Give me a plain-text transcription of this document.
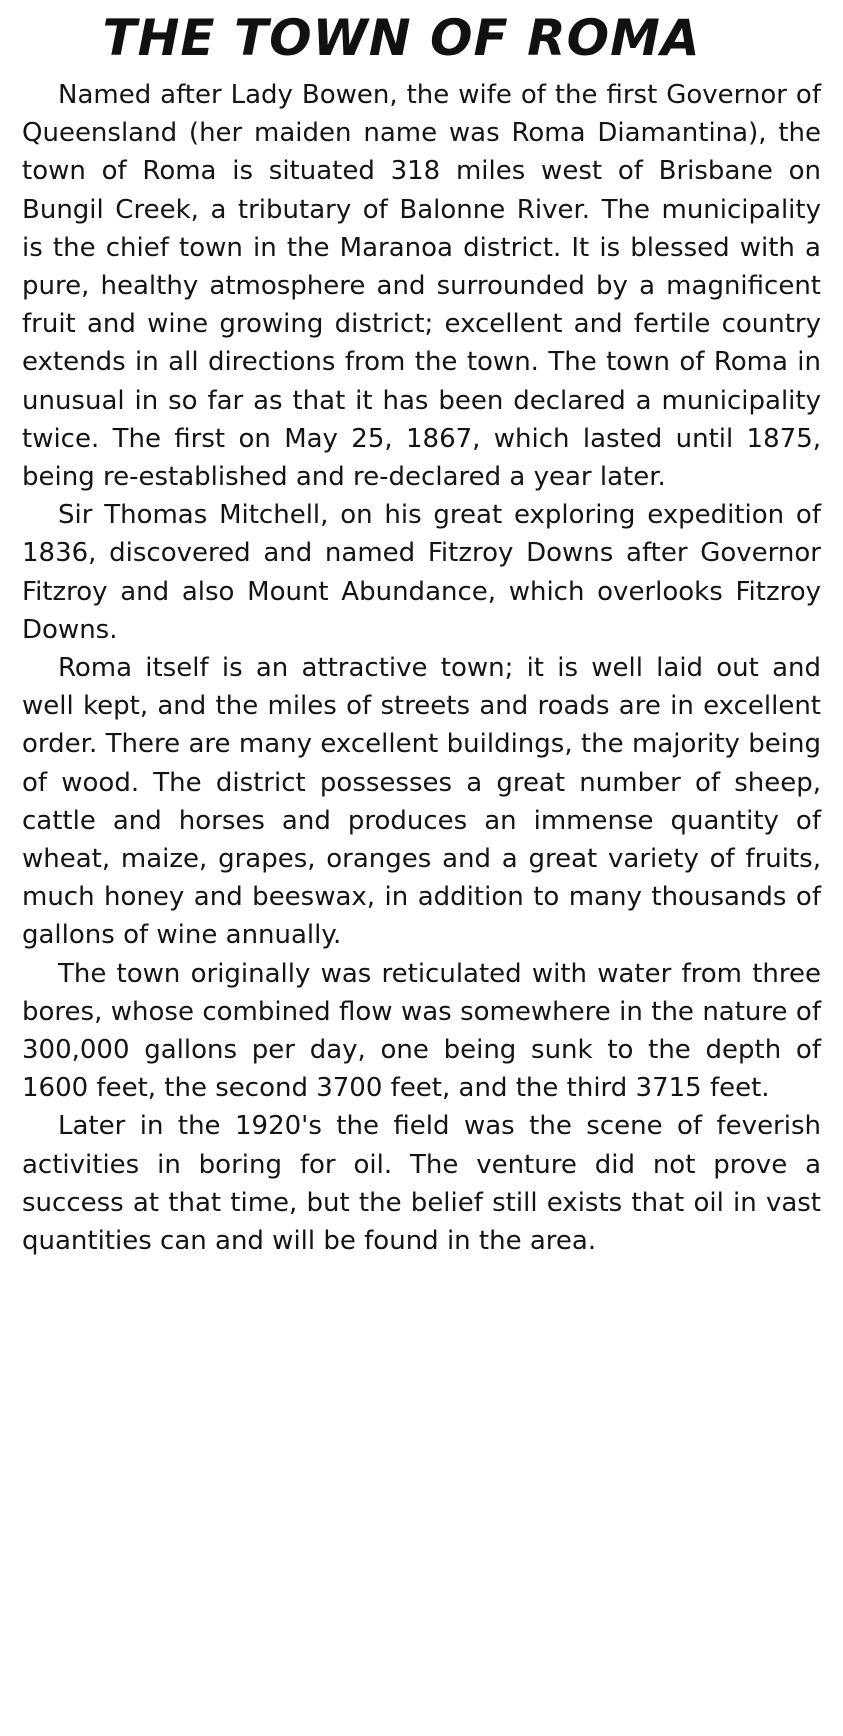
THE TOWN OF ROMA

Named after Lady Bowen, the wife of the first Governor of Queensland (her maiden name was Roma Diamantina), the town of Roma is situated 318 miles west of Brisbane on Bungil Creek, a tributary of Balonne River. The municipality is the chief town in the Maranoa district. It is blessed with a pure, healthy atmosphere and surrounded by a magnificent fruit and wine growing district; excellent and fertile country extends in all directions from the town. The town of Roma in unusual in so far as that it has been declared a municipality twice. The first on May 25, 1867, which lasted until 1875, being re-established and re-declared a year later.

Sir Thomas Mitchell, on his great exploring expedition of 1836, discovered and named Fitzroy Downs after Governor Fitzroy and also Mount Abundance, which overlooks Fitzroy Downs.

Roma itself is an attractive town; it is well laid out and well kept, and the miles of streets and roads are in excellent order. There are many excellent buildings, the majority being of wood. The district possesses a great number of sheep, cattle and horses and produces an immense quantity of wheat, maize, grapes, oranges and a great variety of fruits, much honey and beeswax, in addition to many thousands of gallons of wine annually.

The town originally was reticulated with water from three bores, whose combined flow was somewhere in the nature of 300,000 gallons per day, one being sunk to the depth of 1600 feet, the second 3700 feet, and the third 3715 feet.

Later in the 1920's the field was the scene of feverish activities in boring for oil. The venture did not prove a success at that time, but the belief still exists that oil in vast quantities can and will be found in the area.
